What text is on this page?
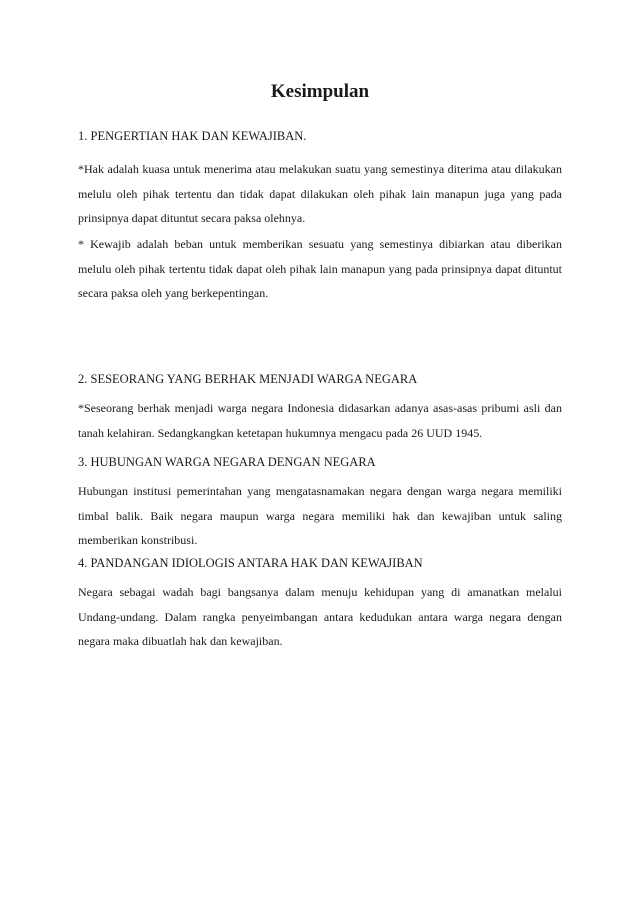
Kesimpulan
1. PENGERTIAN HAK DAN KEWAJIBAN.

*Hak adalah kuasa untuk menerima atau melakukan suatu yang semestinya diterima atau dilakukan melulu oleh pihak tertentu dan tidak dapat dilakukan oleh pihak lain manapun juga yang pada prinsipnya dapat dituntut secara paksa olehnya.

* Kewajib adalah beban untuk memberikan sesuatu yang semestinya dibiarkan atau diberikan melulu oleh pihak tertentu tidak dapat oleh pihak lain manapun yang pada prinsipnya dapat dituntut secara paksa oleh yang berkepentingan.

2. SESEORANG YANG BERHAK MENJADI WARGA NEGARA

*Seseorang berhak menjadi warga negara Indonesia didasarkan adanya asas-asas pribumi asli dan tanah kelahiran. Sedangkangkan ketetapan hukumnya mengacu pada 26 UUD 1945.

3. HUBUNGAN WARGA NEGARA DENGAN NEGARA

Hubungan institusi pemerintahan yang mengatasnamakan negara dengan warga negara memiliki timbal balik. Baik negara maupun warga negara memiliki hak dan kewajiban untuk saling memberikan konstribusi.

4. PANDANGAN IDIOLOGIS ANTARA HAK DAN KEWAJIBAN

Negara sebagai wadah bagi bangsanya dalam menuju kehidupan yang di amanatkan melalui Undang-undang. Dalam rangka penyeimbangan antara kedudukan antara warga negara dengan negara maka dibuatlah hak dan kewajiban.
